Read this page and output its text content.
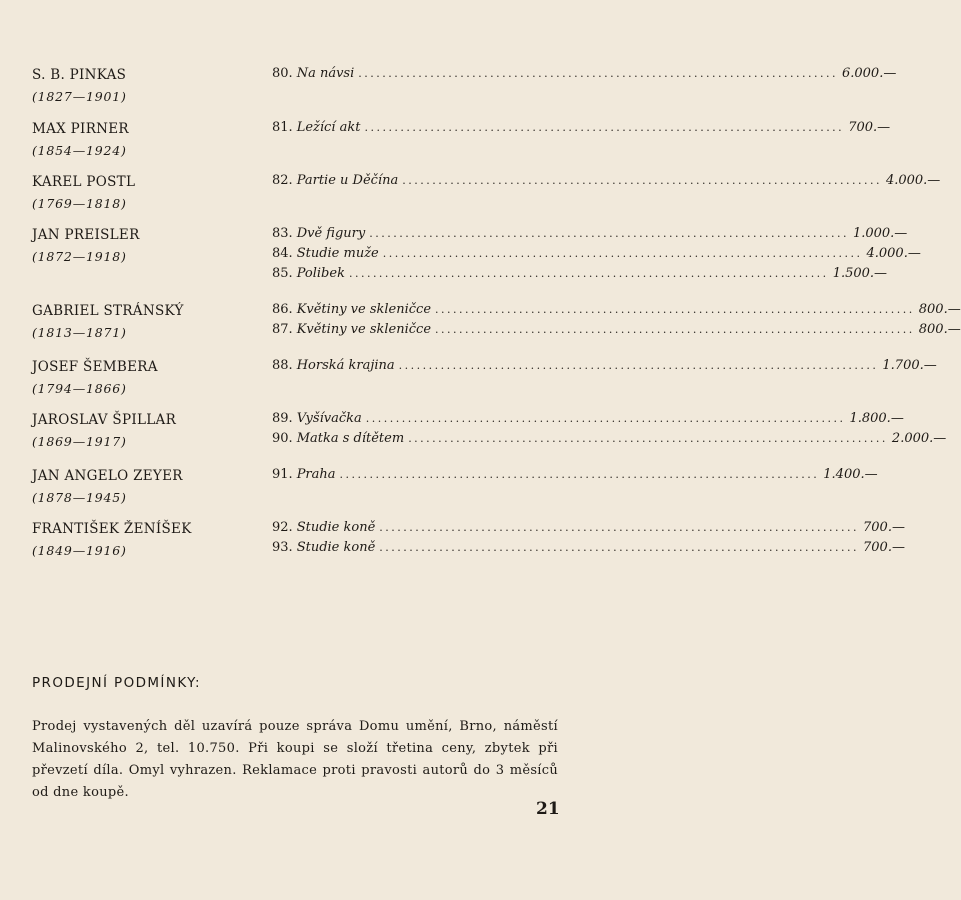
S. B. PINKAS
(1827—1901)
80. Na návsi ................................................................................ 6.000.—
MAX PIRNER
(1854—1924)
81. Ležící akt ................................................................................ 700.—
KAREL POSTL
(1769—1818)
82. Partie u Děčína ................................................................................ 4.000.—
JAN PREISLER
(1872—1918)
83. Dvě figury ................................................................................ 1.000.—
84. Studie muže ................................................................................ 4.000.—
85. Polibek ................................................................................ 1.500.—
GABRIEL STRÁNSKÝ
(1813—1871)
86. Květiny ve skleničce ................................................................................ 800.—
87. Květiny ve skleničce ................................................................................ 800.—
JOSEF ŠEMBERA
(1794—1866)
88. Horská krajina ................................................................................ 1.700.—
JAROSLAV ŠPILLAR
(1869—1917)
89. Vyšívačka ................................................................................ 1.800.—
90. Matka s dítětem ................................................................................ 2.000.—
JAN ANGELO ZEYER
(1878—1945)
91. Praha ................................................................................ 1.400.—
FRANTIŠEK ŽENÍŠEK
(1849—1916)
92. Studie koně ................................................................................ 700.—
93. Studie koně ................................................................................ 700.—
PRODEJNÍ PODMÍNKY:
Prodej vystavených děl uzavírá pouze správa Domu umění, Brno, náměstí Malinovského 2, tel. 10.750. Při koupi se složí třetina ceny, zbytek při převzetí díla. Omyl vyhrazen. Reklamace proti pravosti autorů do 3 měsíců od dne koupě.
21
